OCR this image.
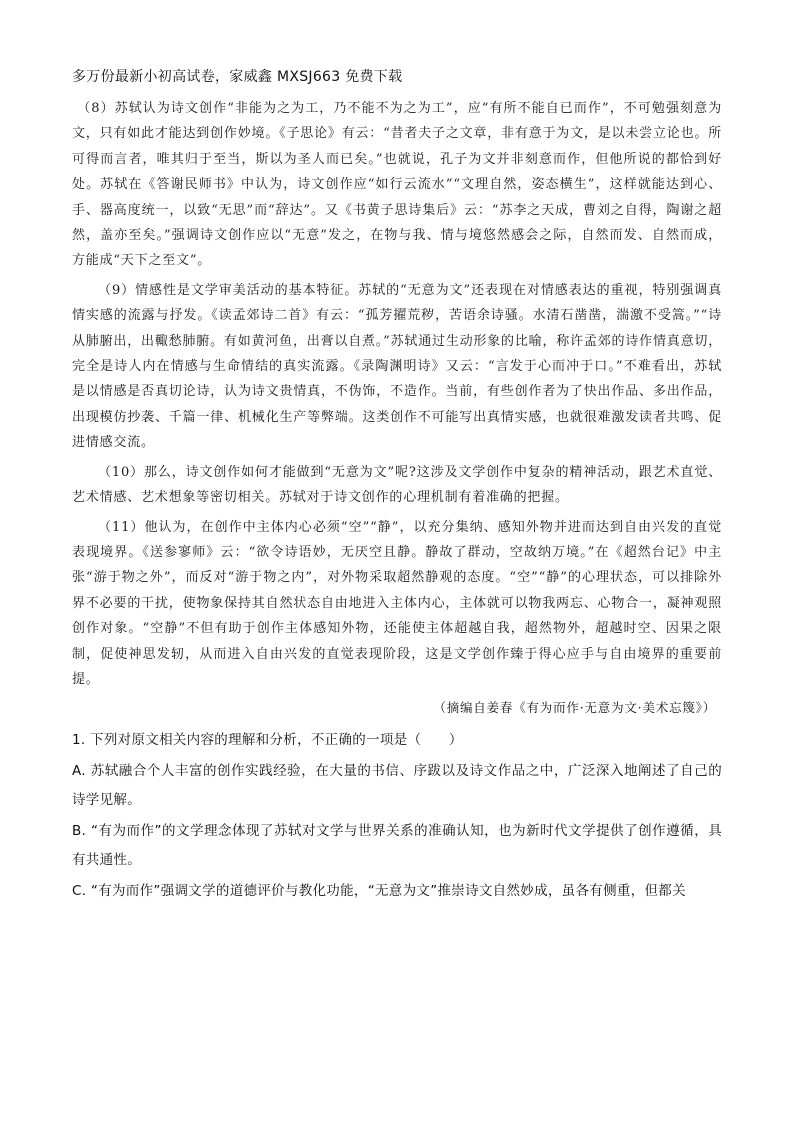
多万份最新小初高试卷，家威鑫 MXSJ663 免费下载

（8）苏轼认为诗文创作“非能为之为工，乃不能不为之为工”，应“有所不能自已而作”，不可勉强刻意为文，只有如此才能达到创作妙境。《子思论》有云：“昔者夫子之文章，非有意于为文，是以未尝立论也。所可得而言者，唯其归于至当，斯以为圣人而已矣。”也就说，孔子为文并非刻意而作，但他所说的都恰到好处。苏轼在《答谢民师书》中认为，诗文创作应“如行云流水”“文理自然，姿态横生”，这样就能达到心、手、器高度统一，以致“无思”而“辞达”。又《书黄子思诗集后》云：“苏李之天成，曹刘之自得，陶谢之超然，盖亦至矣。”强调诗文创作应以“无意”发之，在物与我、情与境悠然感会之际，自然而发、自然而成，方能成“天下之至文”。

（9）情感性是文学审美活动的基本特征。苏轼的“无意为文”还表现在对情感表达的重视，特别强调真情实感的流露与抒发。《读孟郊诗二首》有云：“孤芳擢荒秽，苦语余诗骚。水清石凿凿，湍激不受篙。”“诗从肺腑出，出輙愁肺腑。有如黄河鱼，出膏以自煮。”苏轼通过生动形象的比喻，称许孟郊的诗作情真意切，完全是诗人内在情感与生命情结的真实流露。《录陶渊明诗》又云：“言发于心而冲于口。”不难看出，苏轼是以情感是否真切论诗，认为诗文贵情真，不伪饰，不造作。当前，有些创作者为了快出作品、多出作品，出现模仿抄袭、千篇一律、机械化生产等弊端。这类创作不可能写出真情实感，也就很难激发读者共鸣、促进情感交流。

（10）那么，诗文创作如何才能做到“无意为文”呢?这涉及文学创作中复杂的精神活动，跟艺术直觉、艺术情感、艺术想象等密切相关。苏轼对于诗文创作的心理机制有着准确的把握。

（11）他认为，在创作中主体内心必须“空”“静”，以充分集纳、感知外物并进而达到自由兴发的直觉表现境界。《送参寥师》云：“欲令诗语妙，无厌空且静。静故了群动，空故纳万境。”在《超然台记》中主张“游于物之外”，而反对“游于物之内”，对外物采取超然静观的态度。“空”“静”的心理状态，可以排除外界不必要的干扰，使物象保持其自然状态自由地进入主体内心，主体就可以物我两忘、心物合一，凝神观照创作对象。“空静”不但有助于创作主体感知外物，还能使主体超越自我，超然物外，超越时空、因果之限制，促使神思发轫，从而进入自由兴发的直觉表现阶段，这是文学创作臻于得心应手与自由境界的重要前提。

（摘编自姜春《有为而作·无意为文·美术忘篾》）
1. 下列对原文相关内容的理解和分析，不正确的一项是（　　）
A. 苏轼融合个人丰富的创作实践经验，在大量的书信、序跋以及诗文作品之中，广泛深入地阐述了自己的诗学见解。
B. “有为而作”的文学理念体现了苏轼对文学与世界关系的准确认知，也为新时代文学提供了创作遵循，具有共通性。
C. “有为而作”强调文学的道德评价与教化功能，“无意为文”推崇诗文自然妙成，虽各有侧重，但都关
